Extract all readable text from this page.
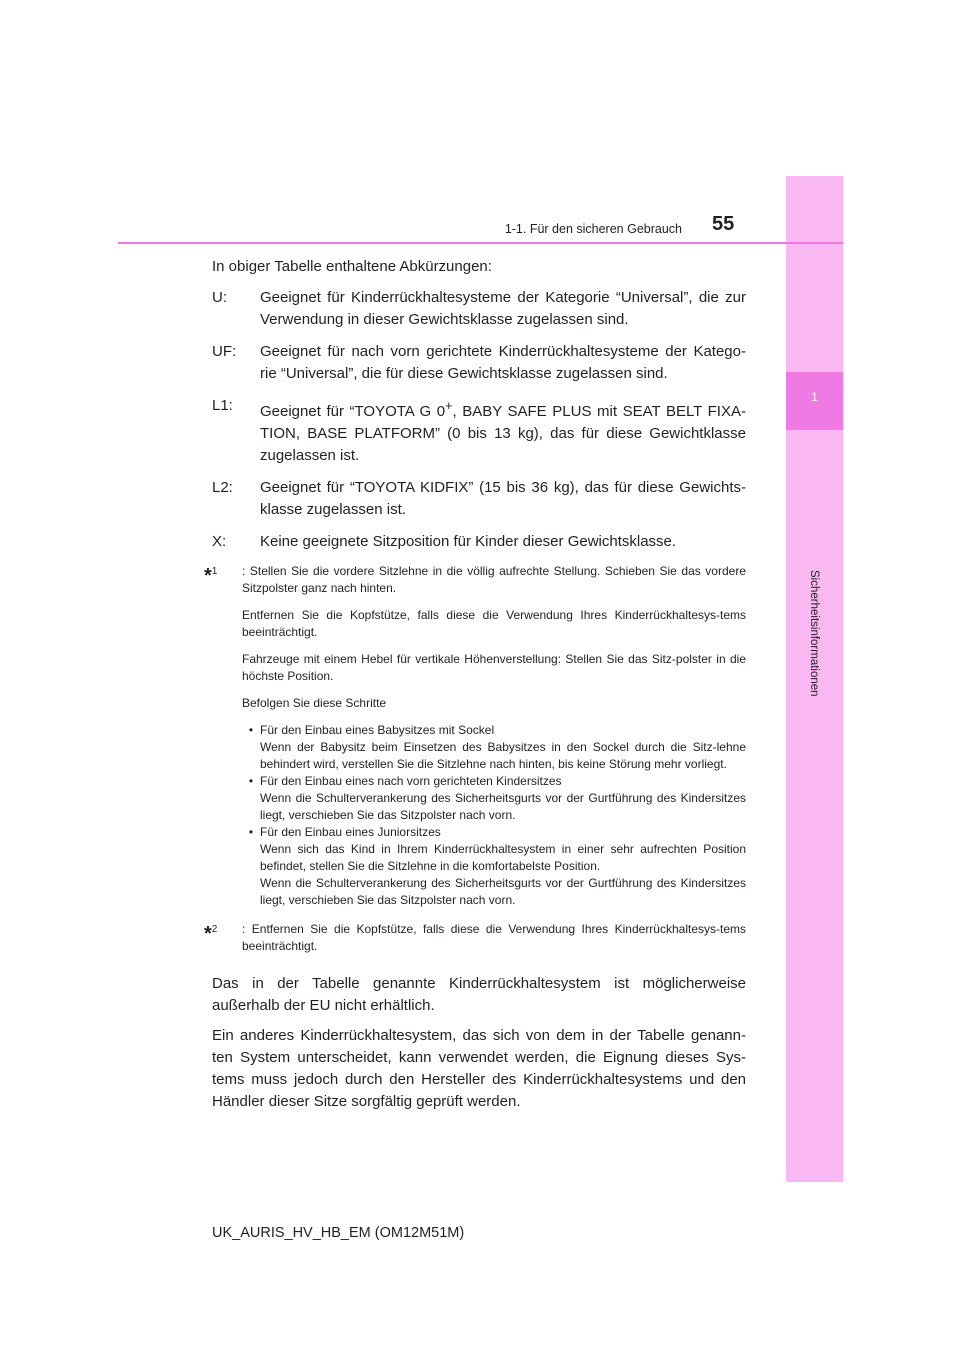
1
Sicherheitsinformationen
1-1. Für den sicheren Gebrauch 55

In obiger Tabelle enthaltene Abkürzungen:

U:	Geeignet für Kinderrückhaltesysteme der Kategorie “Universal”, die zur Verwendung in dieser Gewichtsklasse zugelassen sind.
UF:	Geeignet für nach vorn gerichtete Kinderrückhaltesysteme der Katego-rie “Universal”, die für diese Gewichtsklasse zugelassen sind.
L1:	Geeignet für “TOYOTA G 0+, BABY SAFE PLUS mit SEAT BELT FIXA-TION, BASE PLATFORM” (0 bis 13 kg), das für diese Gewichtklasse zugelassen ist.
L2:	Geeignet für “TOYOTA KIDFIX” (15 bis 36 kg), das für diese Gewichts-klasse zugelassen ist.
X:	Keine geeignete Sitzposition für Kinder dieser Gewichtsklasse.
*$^1$	: Stellen Sie die vordere Sitzlehne in die völlig aufrechte Stellung. Schieben Sie das vordere Sitzpolster ganz nach hinten.

Entfernen Sie die Kopfstütze, falls diese die Verwendung Ihres Kinderrückhaltesys-tems beeinträchtigt.

Fahrzeuge mit einem Hebel für vertikale Höhenverstellung: Stellen Sie das Sitz-polster in die höchste Position.

Befolgen Sie diese Schritte

• Für den Einbau eines Babysitzes mit Sockel
Wenn der Babysitz beim Einsetzen des Babysitzes in den Sockel durch die Sitz-lehne behindert wird, verstellen Sie die Sitzlehne nach hinten, bis keine Störung mehr vorliegt.
• Für den Einbau eines nach vorn gerichteten Kindersitzes
Wenn die Schulterverankerung des Sicherheitsgurts vor der Gurtführung des Kindersitzes liegt, verschieben Sie das Sitzpolster nach vorn.
• Für den Einbau eines Juniorsitzes
Wenn sich das Kind in Ihrem Kinderrückhaltesystem in einer sehr aufrechten Position befindet, stellen Sie die Sitzlehne in die komfortabelste Position.
Wenn die Schulterverankerung des Sicherheitsgurts vor der Gurtführung des Kindersitzes liegt, verschieben Sie das Sitzpolster nach vorn.
*$^2$	: Entfernen Sie die Kopfstütze, falls diese die Verwendung Ihres Kinderrückhaltesys-tems beeinträchtigt.

Das in der Tabelle genannte Kinderrückhaltesystem ist möglicherweise außerhalb der EU nicht erhältlich.

Ein anderes Kinderrückhaltesystem, das sich von dem in der Tabelle genann-ten System unterscheidet, kann verwendet werden, die Eignung dieses Sys-tems muss jedoch durch den Hersteller des Kinderrückhaltesystems und den Händler dieser Sitze sorgfältig geprüft werden.

UK_AURIS_HV_HB_EM (OM12M51M)
